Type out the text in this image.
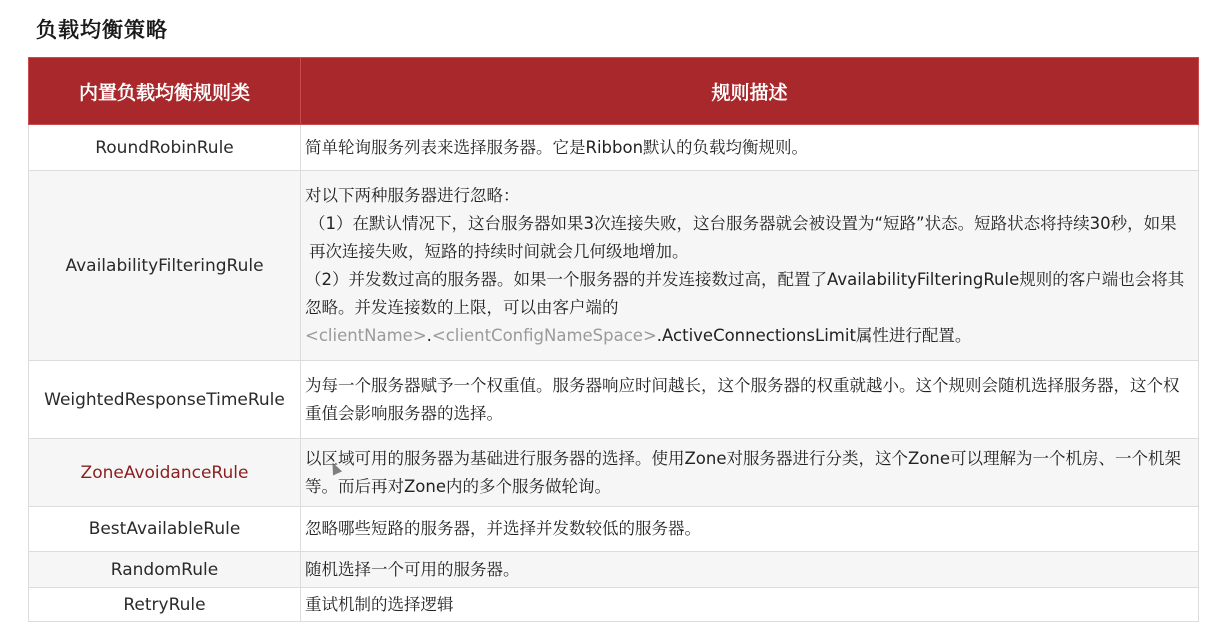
负载均衡策略
内置负载均衡规则类	规则描述
RoundRobinRule	简单轮询服务列表来选择服务器。它是Ribbon默认的负载均衡规则。
AvailabilityFilteringRule	对以下两种服务器进行忽略：
（1）在默认情况下，这台服务器如果3次连接失败，这台服务器就会被设置为“短路”状态。短路状态将持续30秒，如果再次连接失败，短路的持续时间就会几何级地增加。
（2）并发数过高的服务器。如果一个服务器的并发连接数过高，配置了AvailabilityFilteringRule规则的客户端也会将其忽略。并发连接数的上限，可以由客户端的
<clientName>.<clientConfigNameSpace>.ActiveConnectionsLimit属性进行配置。

WeightedResponseTimeRule	为每一个服务器赋予一个权重值。服务器响应时间越长，这个服务器的权重就越小。这个规则会随机选择服务器，这个权重值会影响服务器的选择。
ZoneAvoidanceRule	以区域可用的服务器为基础进行服务器的选择。使用Zone对服务器进行分类，这个Zone可以理解为一个机房、一个机架等。而后再对Zone内的多个服务做轮询。
BestAvailableRule	忽略哪些短路的服务器，并选择并发数较低的服务器。
RandomRule	随机选择一个可用的服务器。
RetryRule	重试机制的选择逻辑
